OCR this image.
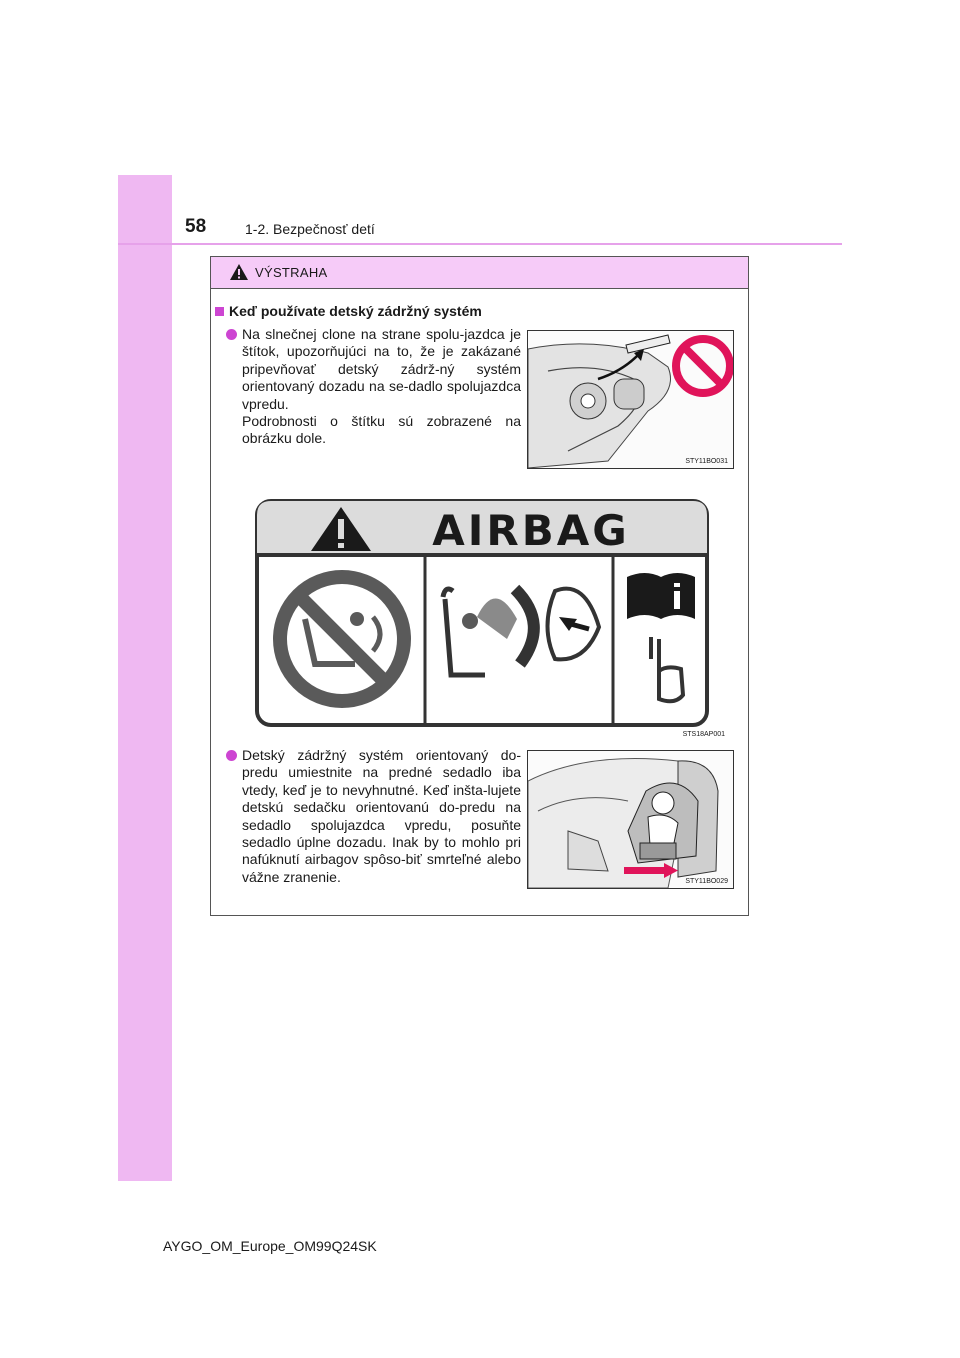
58	1-2. Bezpečnosť detí
VÝSTRAHA
Keď používate detský zádržný systém

Na slnečnej clone na strane spolu-jazdca je štítok, upozorňujúci na to, že je zakázané pripevňovať detský zádrž-ný systém orientovaný dozadu na se-dadlo spolujazdca vpredu.

Podrobnosti o štítku sú zobrazené na obrázku dole.

STY11BO031
AIRBAG
STS18AP001

Detský zádržný systém orientovaný do-predu umiestnite na predné sedadlo iba vtedy, keď je to nevyhnutné. Keď inšta-lujete detskú sedačku orientovanú do-predu na sedadlo spolujazdca vpredu, posuňte sedadlo úplne dozadu. Inak by to mohlo pri nafúknutí airbagov spôso-biť smrteľné alebo vážne zranenie.	STY11BO029
AYGO_OM_Europe_OM99Q24SK
